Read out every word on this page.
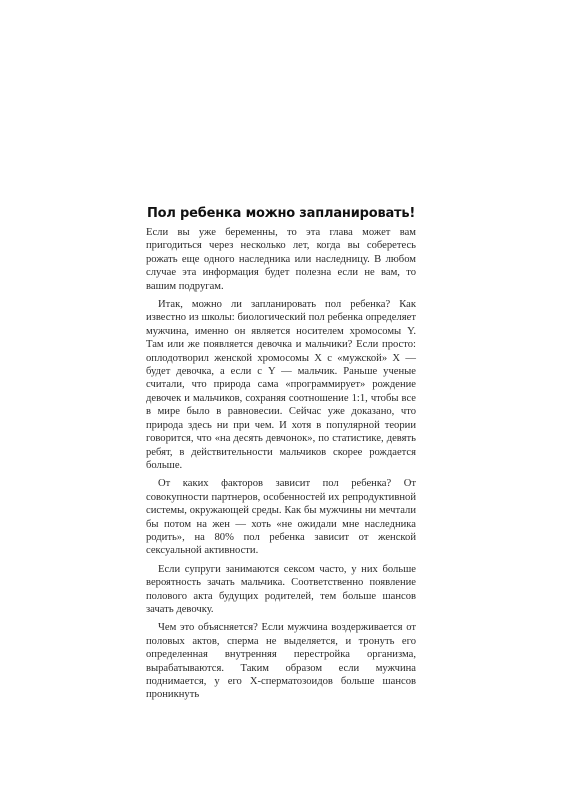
Пол ребенка можно запланировать!

Если вы уже беременны, то эта глава может вам пригодиться через несколько лет, когда вы соберетесь рожать еще одного наследника или наследницу. В любом случае эта информация будет полезна если не вам, то вашим подругам.

Итак, можно ли запланировать пол ребенка? Как известно из школы: биологический пол ребенка определяет мужчина, именно он является носителем хромосомы Y. Там или же появляется девочка и мальчики? Если просто: оплодотворил женской хромосомы X с «мужской» X — будет девочка, а если с Y — мальчик. Раньше ученые считали, что природа сама «программирует» рождение девочек и мальчиков, сохраняя соотношение 1:1, чтобы все в мире было в равновесии. Сейчас уже доказано, что природа здесь ни при чем. И хотя в популярной теории говорится, что «на десять девчонок», по статистике, девять ребят, в действительности мальчиков скорее рождается больше.

От каких факторов зависит пол ребенка? От совокупности партнеров, особенностей их репродуктивной системы, окружающей среды. Как бы мужчины ни мечтали бы потом на жен — хоть «не ожидали мне наследника родить», на 80% пол ребенка зависит от женской сексуальной активности.

Если супруги занимаются сексом часто, у них больше вероятность зачать мальчика. Соответственно появление полового акта будущих родителей, тем больше шансов зачать девочку.

Чем это объясняется? Если мужчина воздерживается от половых актов, сперма не выделяется, и тронуть его определенная внутренняя перестройка организма, вырабатываются. Таким образом если мужчина поднимается, у его X-сперматозоидов больше шансов проникнуть
